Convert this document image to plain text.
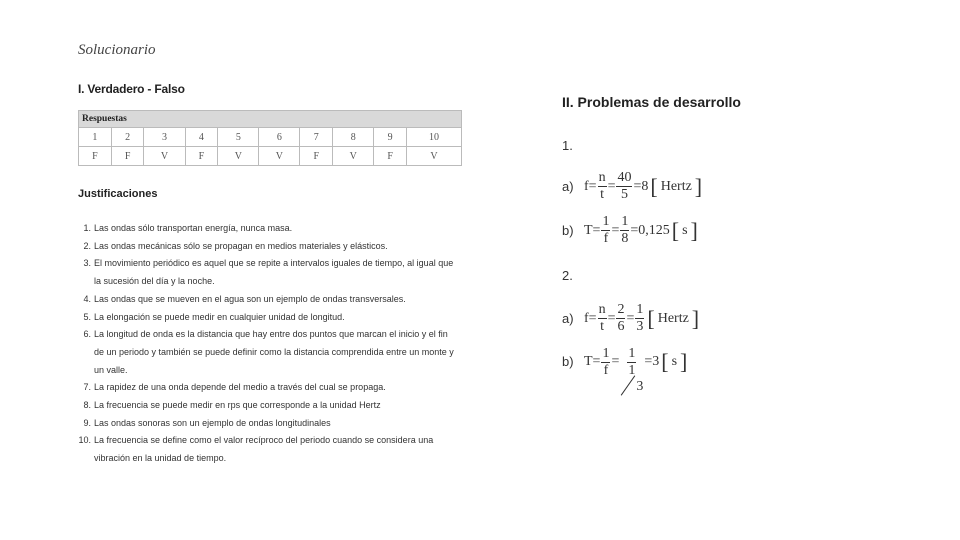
Solucionario
I. Verdadero - Falso
Respuestas									
1	2	3	4	5	6	7	8	9	10
F	F	V	F	V	V	F	V	F	V
Justificaciones
1. Las ondas sólo transportan energía, nunca masa.
2. Las ondas mecánicas sólo se propagan en medios materiales y elásticos.
3. El movimiento periódico es aquel que se repite a intervalos iguales de tiempo, al igual que la sucesión del día y la noche.
4. Las ondas que se mueven en el agua son un ejemplo de ondas transversales.
5. La elongación se puede medir en cualquier unidad de longitud.
6. La longitud de onda es la distancia que hay entre dos puntos que marcan el inicio y el fin de un periodo y también se puede definir como la distancia comprendida entre un monte y un valle.
7. La rapidez de una onda depende del medio a través del cual se propaga.
8. La frecuencia se puede medir en rps que corresponde a la unidad Hertz
9. Las ondas sonoras son un ejemplo de ondas longitudinales
10. La frecuencia se define como el valor recíproco del periodo cuando se considera una vibración en la unidad de tiempo.
II. Problemas de desarrollo
1.
a) $f= \frac{n}{t} = \frac{40}{5} =8$ [ Hertz ]
b) $T= \frac{1}{f} = \frac{1}{8} =0,125$ [ s ]
2.
a) $f= \frac{n}{t} = \frac{2}{6} = \frac{1}{3}$ [ Hertz ]
b) $T= \frac{1}{f} = 1$
1
3 =3 [ s ]
